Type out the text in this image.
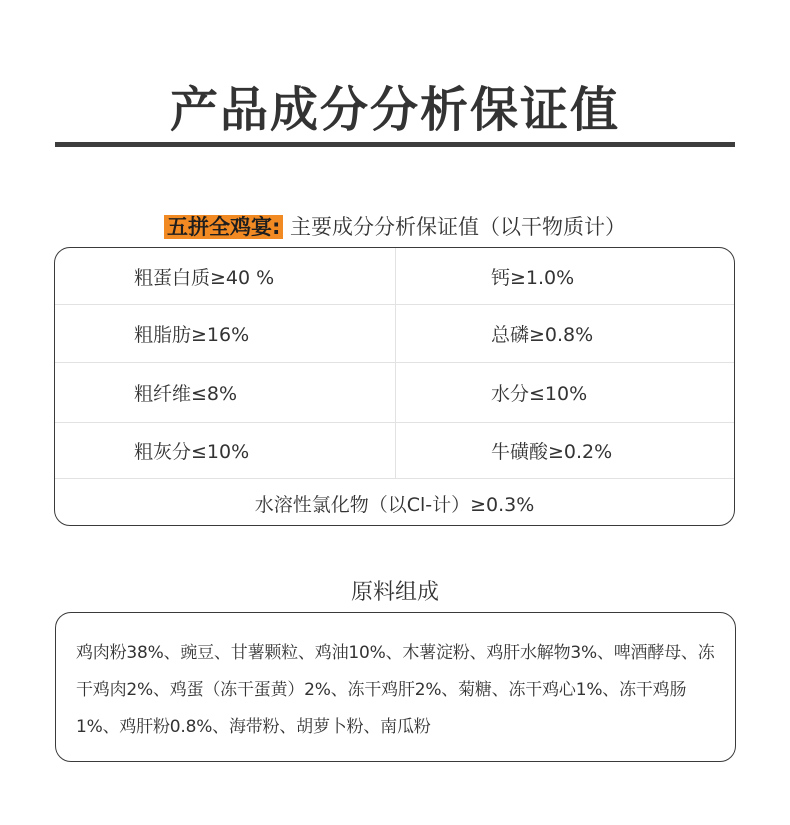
产品成分分析保证值
五拼全鸡宴: 主要成分分析保证值（以干物质计）
粗蛋白质≥40 %	钙≥1.0%
粗脂肪≥16%	总磷≥0.8%
粗纤维≤8%	水分≤10%
粗灰分≤10%	牛磺酸≥0.2%
水溶性氯化物（以Cl-计）≥0.3%
原料组成
鸡肉粉38%、豌豆、甘薯颗粒、鸡油10%、木薯淀粉、鸡肝水解物3%、啤酒酵母、冻干鸡肉2%、鸡蛋（冻干蛋黄）2%、冻干鸡肝2%、菊糖、冻干鸡心1%、冻干鸡肠1%、鸡肝粉0.8%、海带粉、胡萝卜粉、南瓜粉
